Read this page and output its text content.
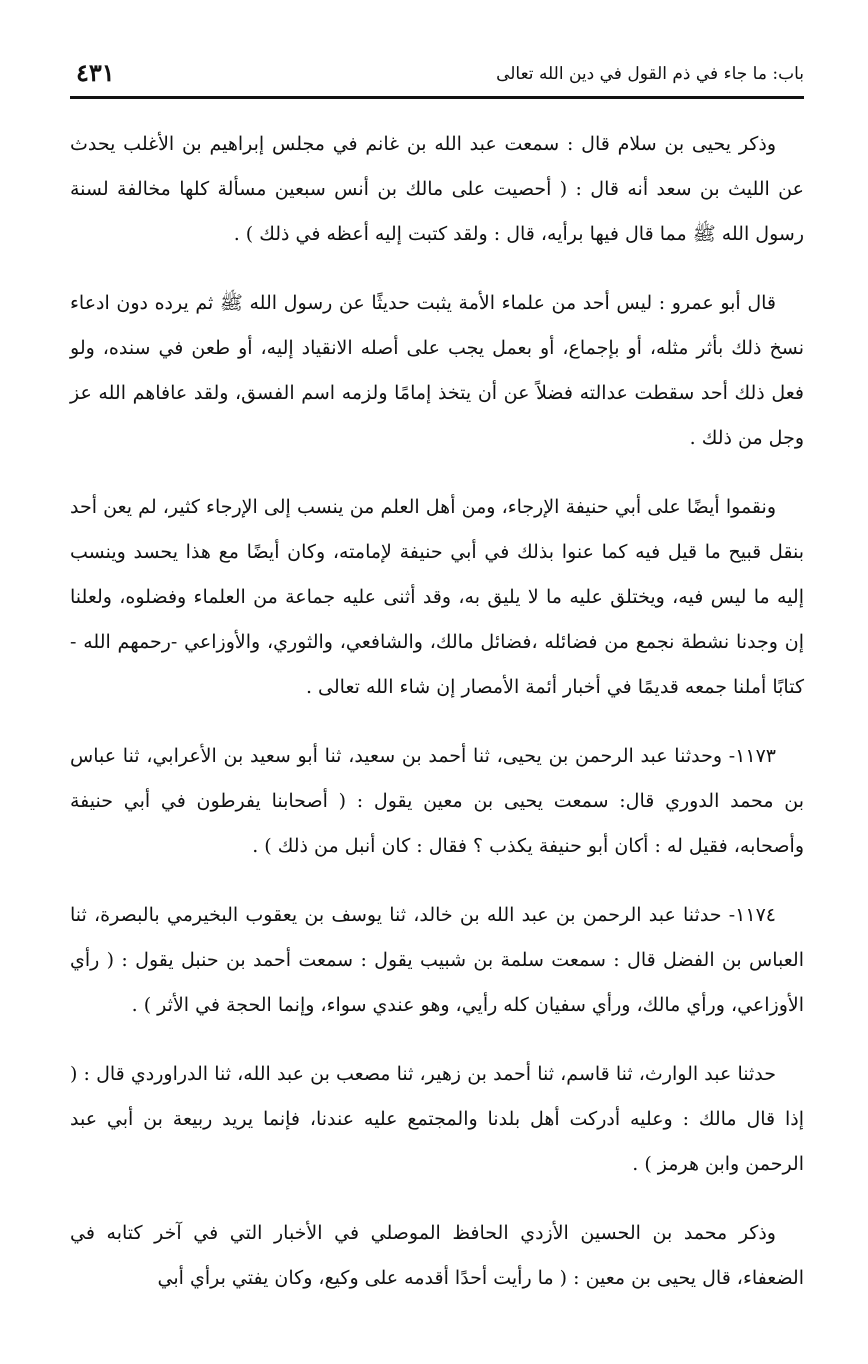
باب: ما جاء في ذم القول في دين الله تعالى
٤٣١

وذكر يحيى بن سلام قال : سمعت عبد الله بن غانم في مجلس إبراهيم بن الأغلب يحدث عن الليث بن سعد أنه قال : ( أحصيت على مالك بن أنس سبعين مسألة كلها مخالفة لسنة رسول الله ﷺ مما قال فيها برأيه، قال : ولقد كتبت إليه أعظه في ذلك ) .

قال أبو عمرو : ليس أحد من علماء الأمة يثبت حديثًا عن رسول الله ﷺ ثم يرده دون ادعاء نسخ ذلك بأثر مثله، أو بإجماع، أو بعمل يجب على أصله الانقياد إليه، أو طعن في سنده، ولو فعل ذلك أحد سقطت عدالته فضلاً عن أن يتخذ إمامًا ولزمه اسم الفسق، ولقد عافاهم الله عز وجل من ذلك .

ونقموا أيضًا على أبي حنيفة الإرجاء، ومن أهل العلم من ينسب إلى الإرجاء كثير، لم يعن أحد بنقل قبيح ما قيل فيه كما عنوا بذلك في أبي حنيفة لإمامته، وكان أيضًا مع هذا يحسد وينسب إليه ما ليس فيه، ويختلق عليه ما لا يليق به، وقد أثنى عليه جماعة من العلماء وفضلوه، ولعلنا إن وجدنا نشطة نجمع من فضائله ،فضائل مالك، والشافعي، والثوري، والأوزاعي -رحمهم الله - كتابًا أملنا جمعه قديمًا في أخبار أئمة الأمصار إن شاء الله تعالى .

١١٧٣- وحدثنا عبد الرحمن بن يحيى، ثنا أحمد بن سعيد، ثنا أبو سعيد بن الأعرابي، ثنا عباس بن محمد الدوري قال: سمعت يحيى بن معين يقول : ( أصحابنا يفرطون في أبي حنيفة وأصحابه، فقيل له : أكان أبو حنيفة يكذب ؟ فقال : كان أنبل من ذلك ) .

١١٧٤- حدثنا عبد الرحمن بن عبد الله بن خالد، ثنا يوسف بن يعقوب البخيرمي بالبصرة، ثنا العباس بن الفضل قال : سمعت سلمة بن شبيب يقول : سمعت أحمد بن حنبل يقول : ( رأي الأوزاعي، ورأي مالك، ورأي سفيان كله رأيي، وهو عندي سواء، وإنما الحجة في الأثر ) .

حدثنا عبد الوارث، ثنا قاسم، ثنا أحمد بن زهير، ثنا مصعب بن عبد الله، ثنا الدراوردي قال : ( إذا قال مالك : وعليه أدركت أهل بلدنا والمجتمع عليه عندنا، فإنما يريد ربيعة بن أبي عبد الرحمن وابن هرمز ) .

وذكر محمد بن الحسين الأزدي الحافظ الموصلي في الأخبار التي في آخر كتابه في الضعفاء، قال يحيى بن معين : ( ما رأيت أحدًا أقدمه على وكيع، وكان يفتي برأي أبي
